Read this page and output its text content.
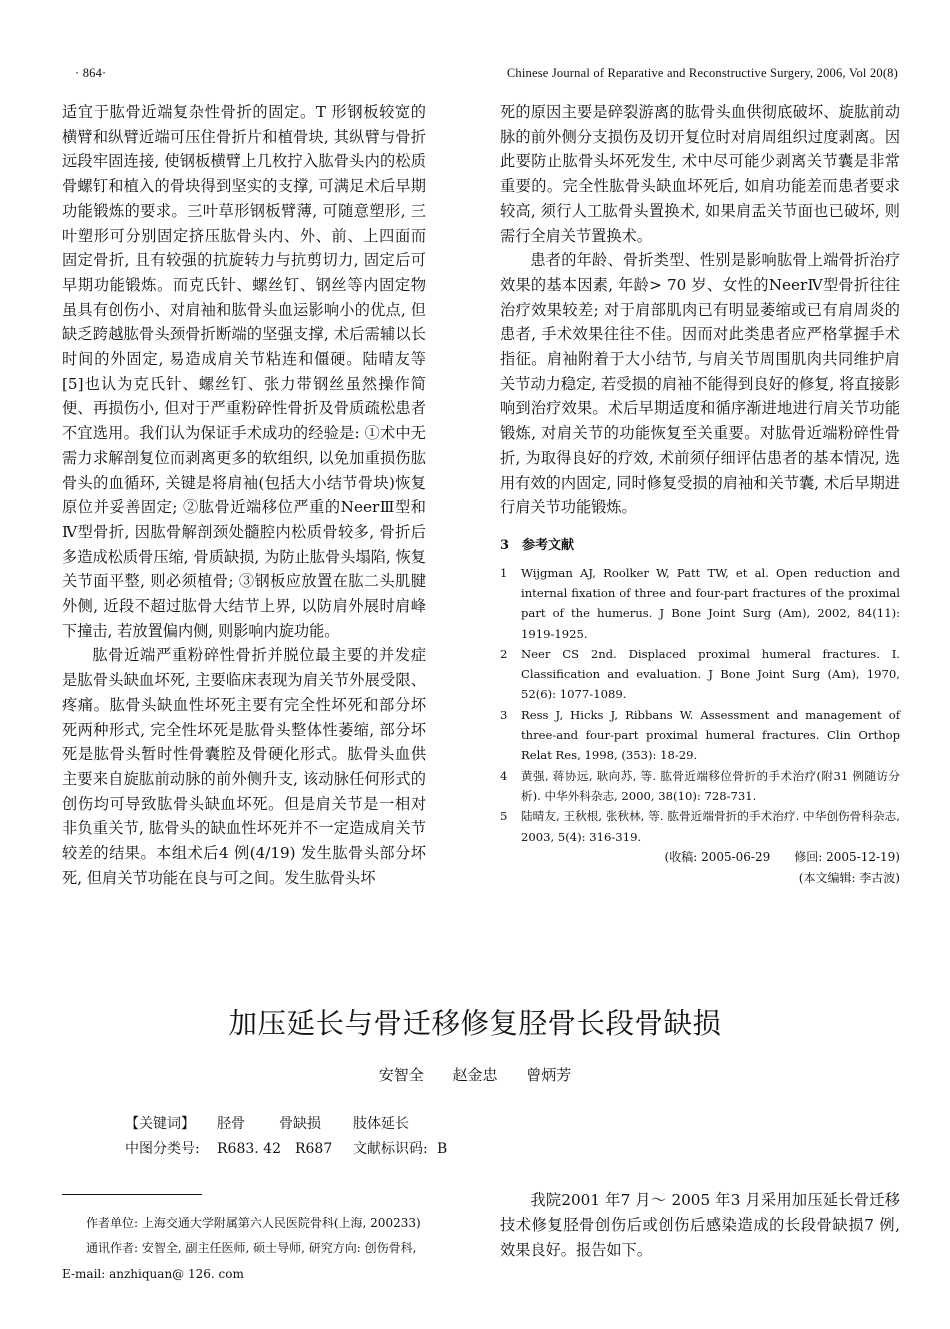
· 864·	Chinese Journal of Reparative and Reconstructive Surgery, 2006, Vol 20(8)

适宜于肱骨近端复杂性骨折的固定。T 形钢板较宽的横臂和纵臂近端可压住骨折片和植骨块, 其纵臂与骨折远段牢固连接, 使钢板横臂上几枚拧入肱骨头内的松质骨螺钉和植入的骨块得到坚实的支撑, 可满足术后早期功能锻炼的要求。三叶草形钢板臂薄, 可随意塑形, 三叶塑形可分别固定挤压肱骨头内、外、前、上四面而固定骨折, 且有较强的抗旋转力与抗剪切力, 固定后可早期功能锻炼。而克氏针、螺丝钉、钢丝等内固定物虽具有创伤小、对肩袖和肱骨头血运影响小的优点, 但缺乏跨越肱骨头颈骨折断端的坚强支撑, 术后需辅以长时间的外固定, 易造成肩关节粘连和僵硬。陆晴友等[5]也认为克氏针、螺丝钉、张力带钢丝虽然操作简便、再损伤小, 但对于严重粉碎性骨折及骨质疏松患者不宜选用。我们认为保证手术成功的经验是: ①术中无需力求解剖复位而剥离更多的软组织, 以免加重损伤肱骨头的血循环, 关键是将肩袖(包括大小结节骨块)恢复原位并妥善固定; ②肱骨近端移位严重的NeerⅢ型和Ⅳ型骨折, 因肱骨解剖颈处髓腔内松质骨较多, 骨折后多造成松质骨压缩, 骨质缺损, 为防止肱骨头塌陷, 恢复关节面平整, 则必须植骨; ③钢板应放置在肱二头肌腱外侧, 近段不超过肱骨大结节上界, 以防肩外展时肩峰下撞击, 若放置偏内侧, 则影响内旋功能。

肱骨近端严重粉碎性骨折并脱位最主要的并发症是肱骨头缺血坏死, 主要临床表现为肩关节外展受限、疼痛。肱骨头缺血性坏死主要有完全性坏死和部分坏死两种形式, 完全性坏死是肱骨头整体性萎缩, 部分坏死是肱骨头暂时性骨囊腔及骨硬化形式。肱骨头血供主要来自旋肱前动脉的前外侧升支, 该动脉任何形式的创伤均可导致肱骨头缺血坏死。但是肩关节是一相对非负重关节, 肱骨头的缺血性坏死并不一定造成肩关节较差的结果。本组术后4 例(4/19) 发生肱骨头部分坏死, 但肩关节功能在良与可之间。发生肱骨头坏

死的原因主要是碎裂游离的肱骨头血供彻底破坏、旋肱前动脉的前外侧分支损伤及切开复位时对肩周组织过度剥离。因此要防止肱骨头坏死发生, 术中尽可能少剥离关节囊是非常重要的。完全性肱骨头缺血坏死后, 如肩功能差而患者要求较高, 须行人工肱骨头置换术, 如果肩盂关节面也已破坏, 则需行全肩关节置换术。

患者的年龄、骨折类型、性别是影响肱骨上端骨折治疗效果的基本因素, 年龄> 70 岁、女性的NeerⅣ型骨折往往治疗效果较差; 对于肩部肌肉已有明显萎缩或已有肩周炎的患者, 手术效果往往不佳。因而对此类患者应严格掌握手术指征。肩袖附着于大小结节, 与肩关节周围肌肉共同维护肩关节动力稳定, 若受损的肩袖不能得到良好的修复, 将直接影响到治疗效果。术后早期适度和循序渐进地进行肩关节功能锻炼, 对肩关节的功能恢复至关重要。对肱骨近端粉碎性骨折, 为取得良好的疗效, 术前须仔细评估患者的基本情况, 选用有效的内固定, 同时修复受损的肩袖和关节囊, 术后早期进行肩关节功能锻炼。

3　参考文献
1 Wijgman AJ, Roolker W, Patt TW, et al. Open reduction and internal fixation of three and four-part fractures of the proximal part of the humerus. J Bone Joint Surg (Am), 2002, 84(11): 1919-1925.
2 Neer CS 2nd. Displaced proximal humeral fractures. I. Classification and evaluation. J Bone Joint Surg (Am), 1970, 52(6): 1077-1089.
3 Ress J, Hicks J, Ribbans W. Assessment and management of three-and four-part proximal humeral fractures. Clin Orthop Relat Res, 1998, (353): 18-29.
4 黄强, 蒋协远, 耿向苏, 等. 肱骨近端移位骨折的手术治疗(附31 例随访分析). 中华外科杂志, 2000, 38(10): 728-731.
5 陆晴友, 王秋根, 张秋林, 等. 肱骨近端骨折的手术治疗. 中华创伤骨科杂志, 2003, 5(4): 316-319.
(收稿: 2005-06-29　　修回: 2005-12-19)
(本文编辑: 李古波)
加压延长与骨迁移修复胫骨长段骨缺损
安智全 赵金忠 曾炳芳
【关键词】 胫骨 骨缺损 肢体延长
中图分类号: R683. 42　R687 文献标识码: B
作者单位: 上海交通大学附属第六人民医院骨科(上海, 200233)
通讯作者: 安智全, 副主任医师, 硕士导师, 研究方向: 创伤骨科,
E-mail: anzhiquan@ 126. com
我院2001 年7 月～ 2005 年3 月采用加压延长骨迁移技术修复胫骨创伤后或创伤后感染造成的长段骨缺损7 例, 效果良好。报告如下。
